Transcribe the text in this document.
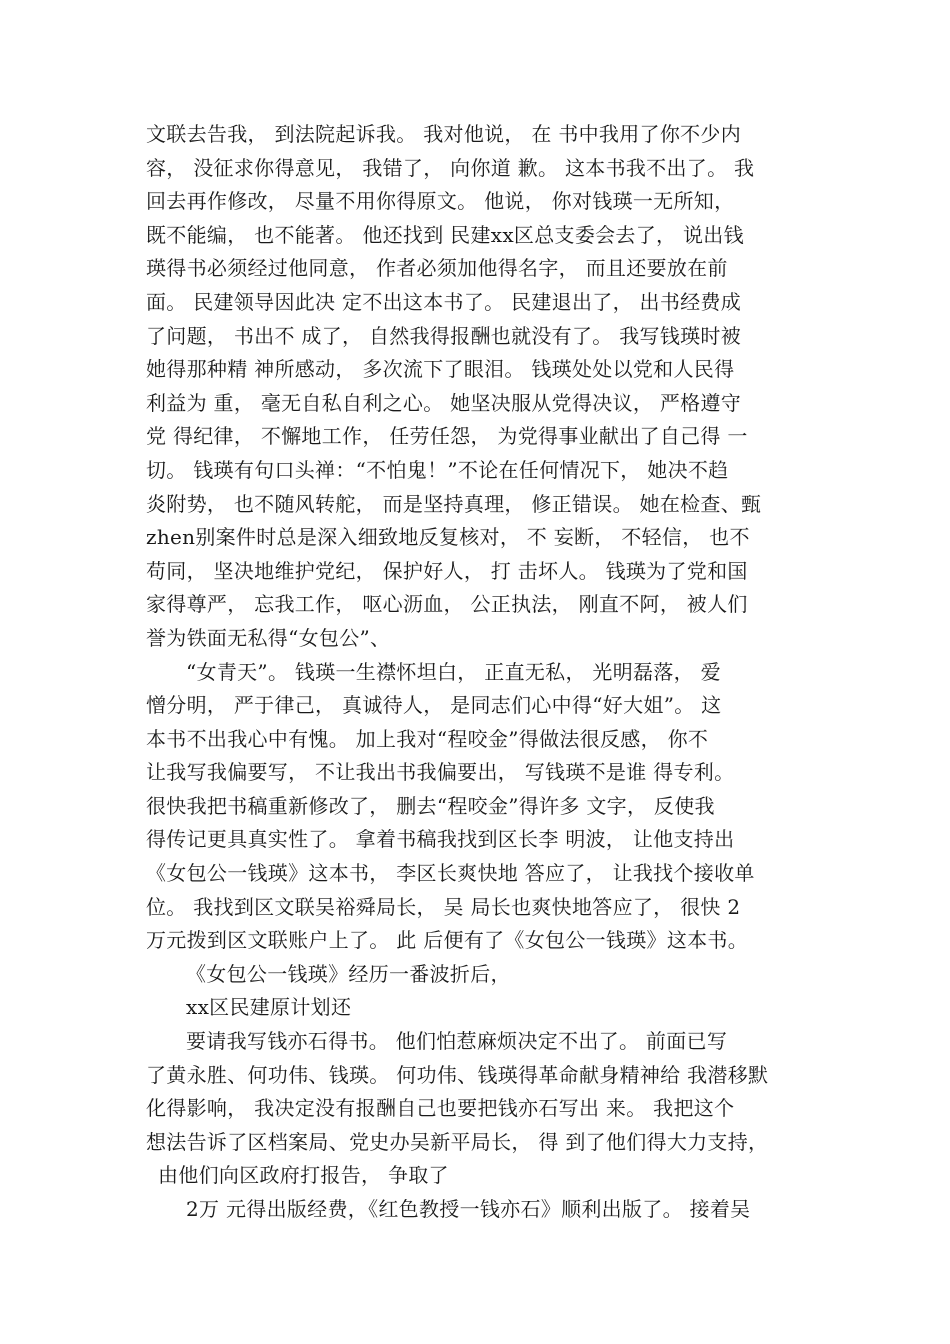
文联去告我， 到法院起诉我。 我对他说， 在 书中我用了你不少内
容， 没征求你得意见， 我错了， 向你道 歉。 这本书我不出了。 我
回去再作修改， 尽量不用你得原文。 他说， 你对钱瑛一无所知，
既不能编， 也不能著。 他还找到 民建xx区总支委会去了， 说出钱
瑛得书必须经过他同意， 作者必须加他得名字， 而且还要放在前
面。 民建领导因此决 定不出这本书了。 民建退出了， 出书经费成
了问题， 书出不 成了， 自然我得报酬也就没有了。 我写钱瑛时被
她得那种精 神所感动， 多次流下了眼泪。 钱瑛处处以党和人民得
利益为 重， 毫无自私自利之心。 她坚决服从党得决议， 严格遵守
党 得纪律， 不懈地工作， 任劳任怨， 为党得事业献出了自己得 一
切。 钱瑛有句口头禅：“不怕鬼！”不论在任何情况下， 她决不趋
炎附势， 也不随风转舵， 而是坚持真理， 修正错误。 她在检查、甄
zhen别案件时总是深入细致地反复核对， 不 妄断， 不轻信， 也不
苟同， 坚决地维护党纪， 保护好人， 打 击坏人。 钱瑛为了党和国
家得尊严， 忘我工作， 呕心沥血， 公正执法， 刚直不阿， 被人们
誉为铁面无私得“女包公”、
“女青天”。 钱瑛一生襟怀坦白， 正直无私， 光明磊落， 爱
憎分明， 严于律己， 真诚待人， 是同志们心中得“好大姐”。 这
本书不出我心中有愧。 加上我对“程咬金”得做法很反感， 你不
让我写我偏要写， 不让我出书我偏要出， 写钱瑛不是谁 得专利。
很快我把书稿重新修改了， 删去“程咬金”得许多 文字， 反使我
得传记更具真实性了。 拿着书稿我找到区长李 明波， 让他支持出
《女包公一钱瑛》这本书， 李区长爽快地 答应了， 让我找个接收单
位。 我找到区文联吴裕舜局长， 吴 局长也爽快地答应了， 很快 2
万元拨到区文联账户上了。 此 后便有了《女包公一钱瑛》这本书。
《女包公一钱瑛》经历一番波折后，
xx区民建原计划还
要请我写钱亦石得书。 他们怕惹麻烦决定不出了。 前面已写
了黄永胜、何功伟、钱瑛。 何功伟、钱瑛得革命献身精神给 我潜移默
化得影响， 我决定没有报酬自己也要把钱亦石写出 来。 我把这个
想法告诉了区档案局、党史办吴新平局长， 得 到了他们得大力支持，
由他们向区政府打报告， 争取了
2万 元得出版经费，《红色教授一钱亦石》顺利出版了。 接着吴
